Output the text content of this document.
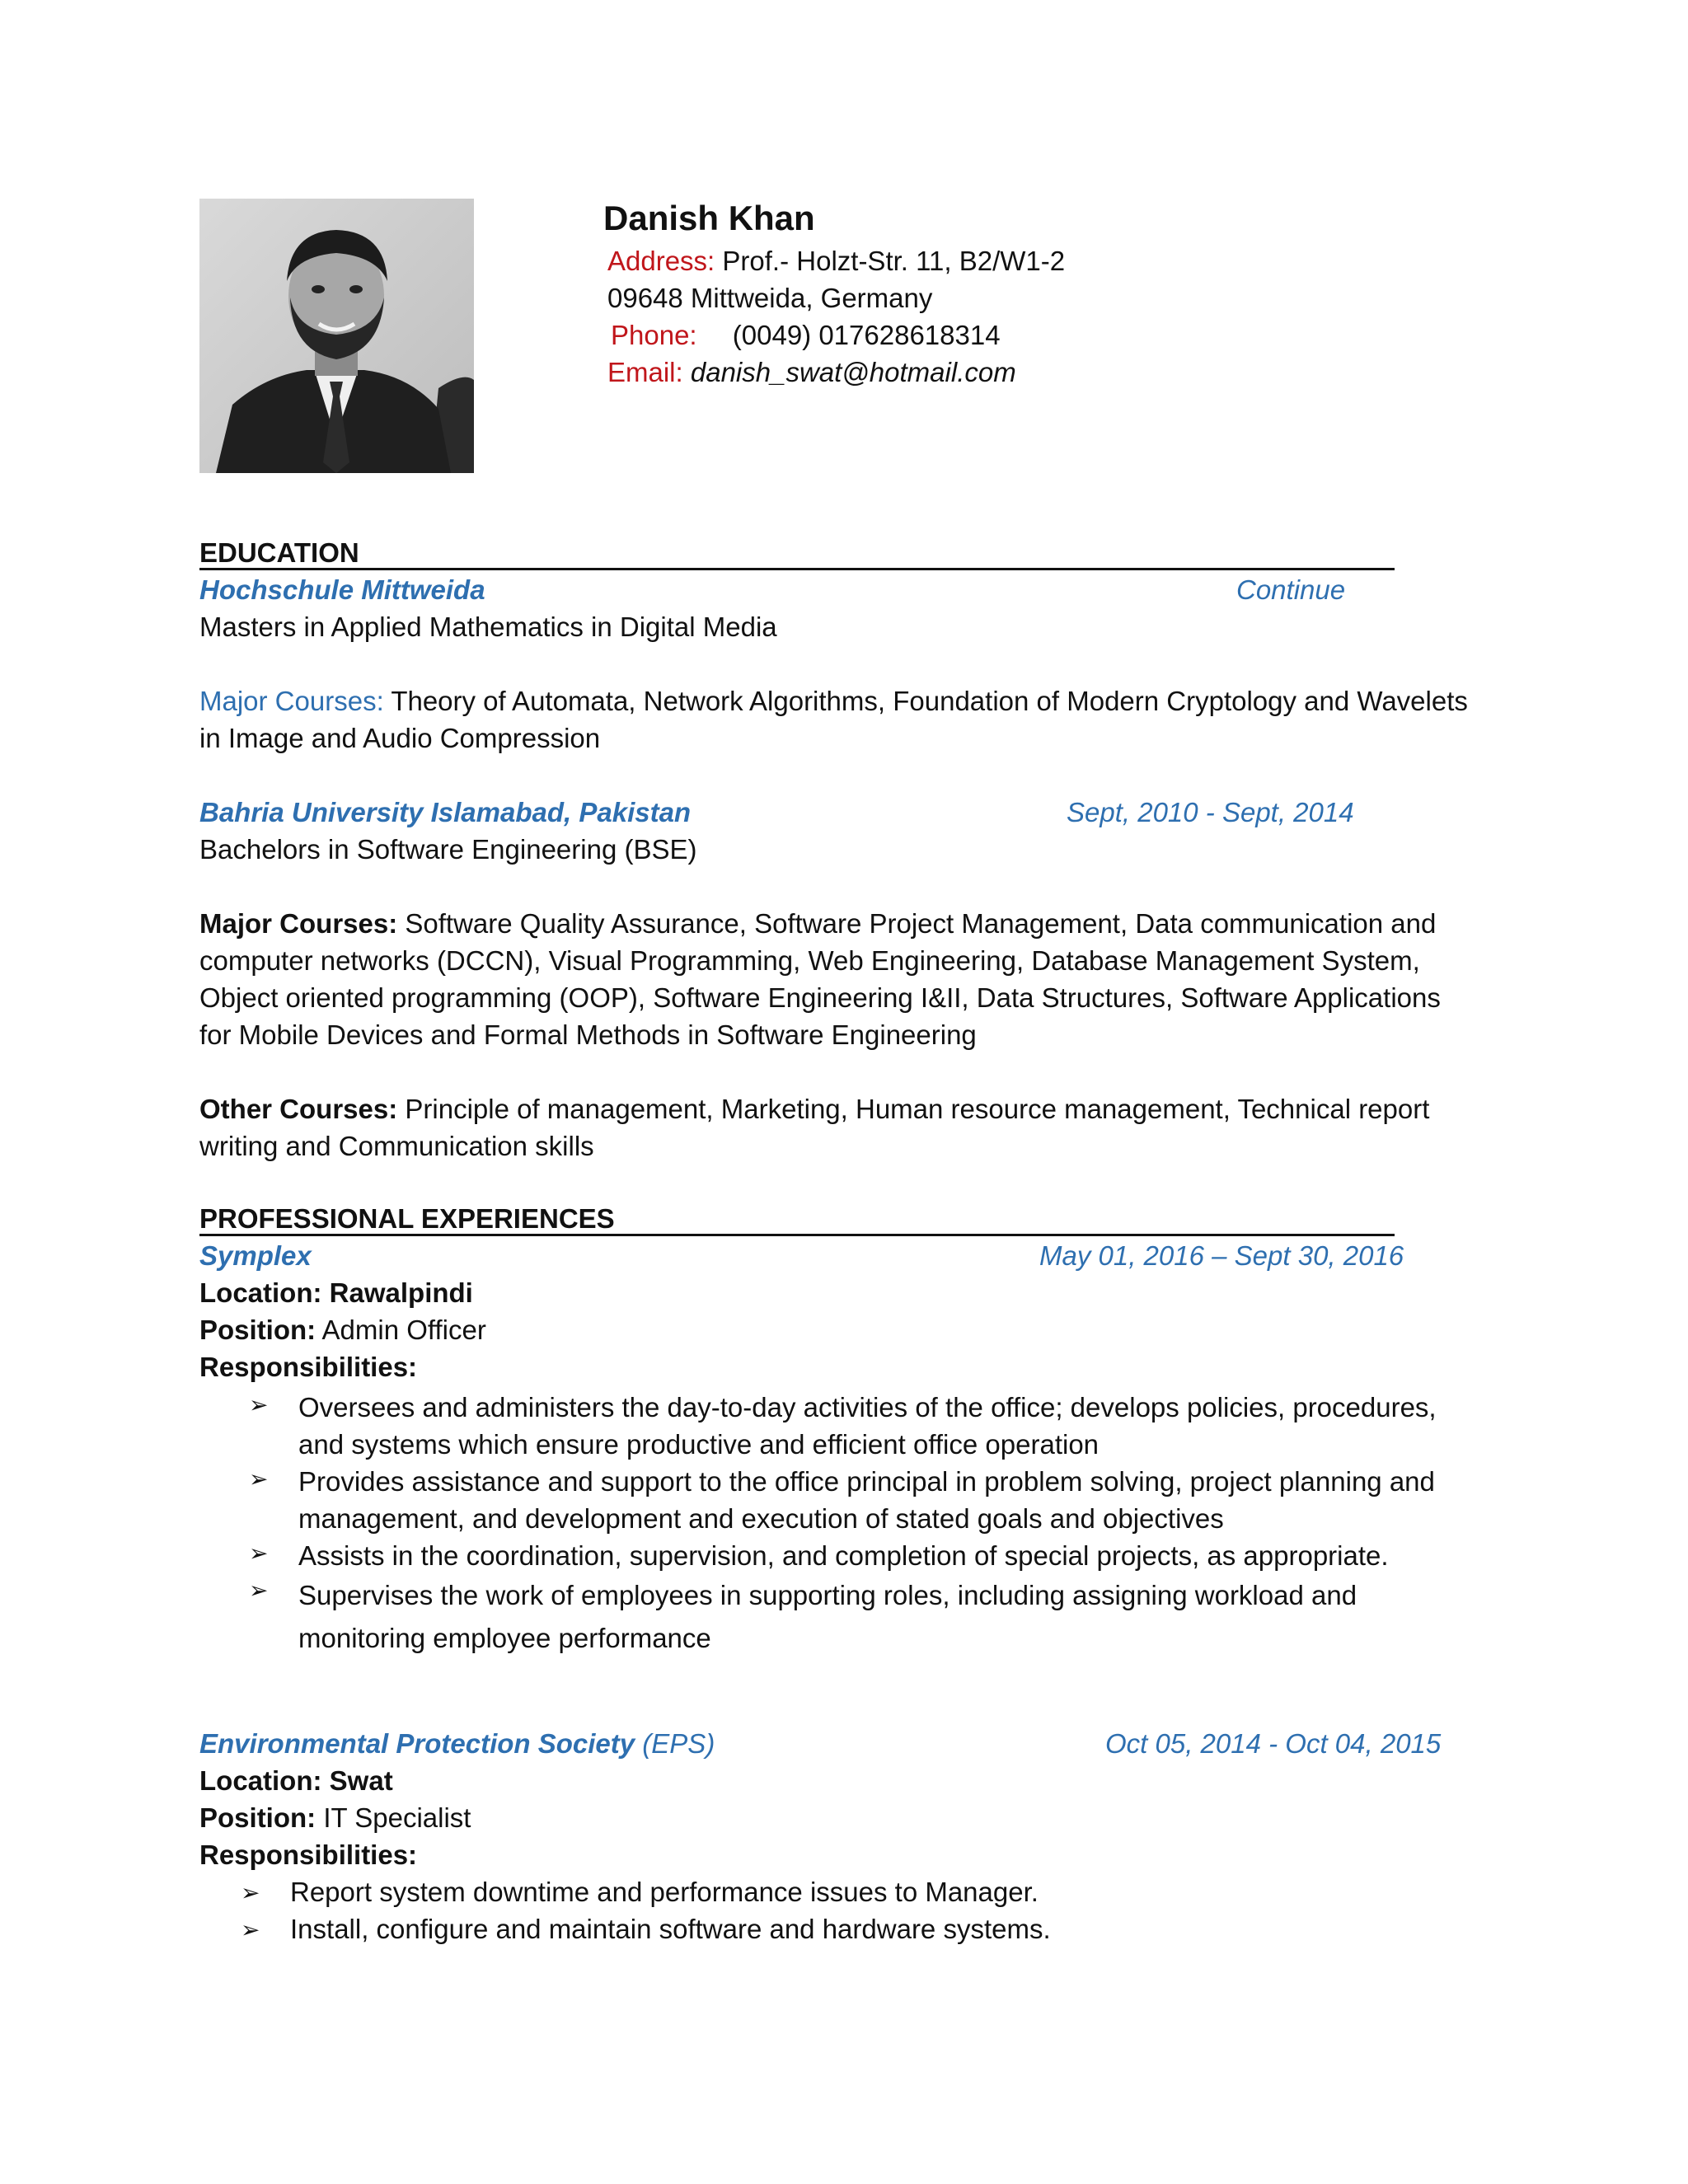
Danish Khan
Address: Prof.- Holzt-Str. 11, B2/W1-2
09648 Mittweida, Germany
Phone: (0049) 017628618314
Email: danish_swat@hotmail.com
EDUCATION
Hochschule Mittweida	Continue
Masters in Applied Mathematics in Digital Media
Major Courses: Theory of Automata, Network Algorithms, Foundation of Modern Cryptology and Wavelets in Image and Audio Compression
Bahria University Islamabad, Pakistan	Sept, 2010 - Sept, 2014
Bachelors in Software Engineering (BSE)
Major Courses: Software Quality Assurance, Software Project Management, Data communication and computer networks (DCCN), Visual Programming, Web Engineering, Database Management System, Object oriented programming (OOP), Software Engineering I&II, Data Structures, Software Applications for Mobile Devices and Formal Methods in Software Engineering
Other Courses: Principle of management, Marketing, Human resource management, Technical report writing and Communication skills
PROFESSIONAL EXPERIENCES
Symplex	May 01, 2016 – Sept 30, 2016
Location: Rawalpindi
Position: Admin Officer
Responsibilities:
➢ Oversees and administers the day-to-day activities of the office; develops policies, procedures, and systems which ensure productive and efficient office operation
➢ Provides assistance and support to the office principal in problem solving, project planning and management, and development and execution of stated goals and objectives
➢ Assists in the coordination, supervision, and completion of special projects, as appropriate.
➢ Supervises the work of employees in supporting roles, including assigning workload and monitoring employee performance
Environmental Protection Society (EPS)	Oct 05, 2014 - Oct 04, 2015
Location: Swat
Position: IT Specialist
Responsibilities:
➢ Report system downtime and performance issues to Manager.
➢ Install, configure and maintain software and hardware systems.
